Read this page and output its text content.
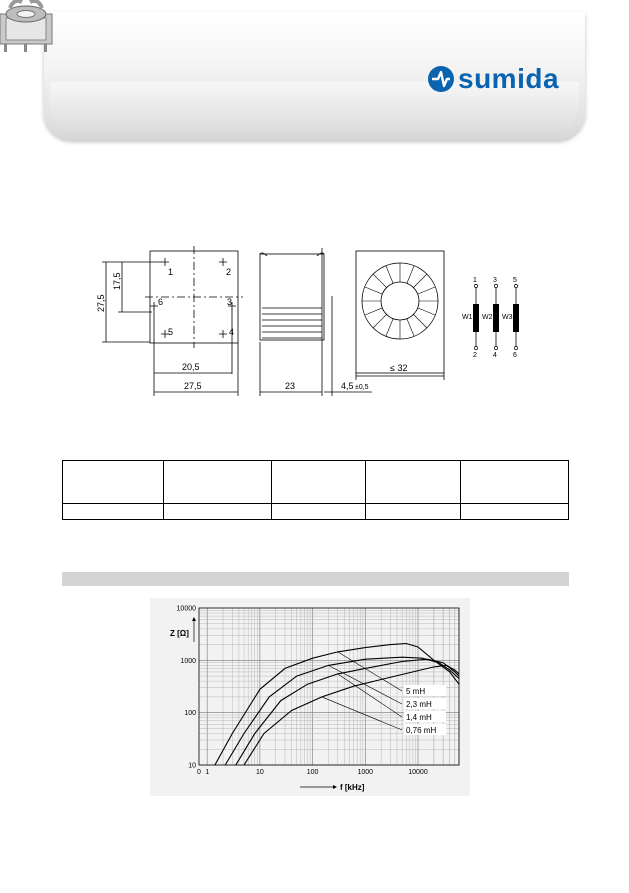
sumida
1	2
3
4
5
6
27,5
17,5
20,5
27,5	23	4,5 ±0,5
≤ 32
1 3 5
2 4 6
W1 W2 W3

0 1	10	100	1000	10000
10
100
1000
10000
Z [Ω]
f [kHz]
5 mH
2,3 mH
1,4 mH
0,76 mH
